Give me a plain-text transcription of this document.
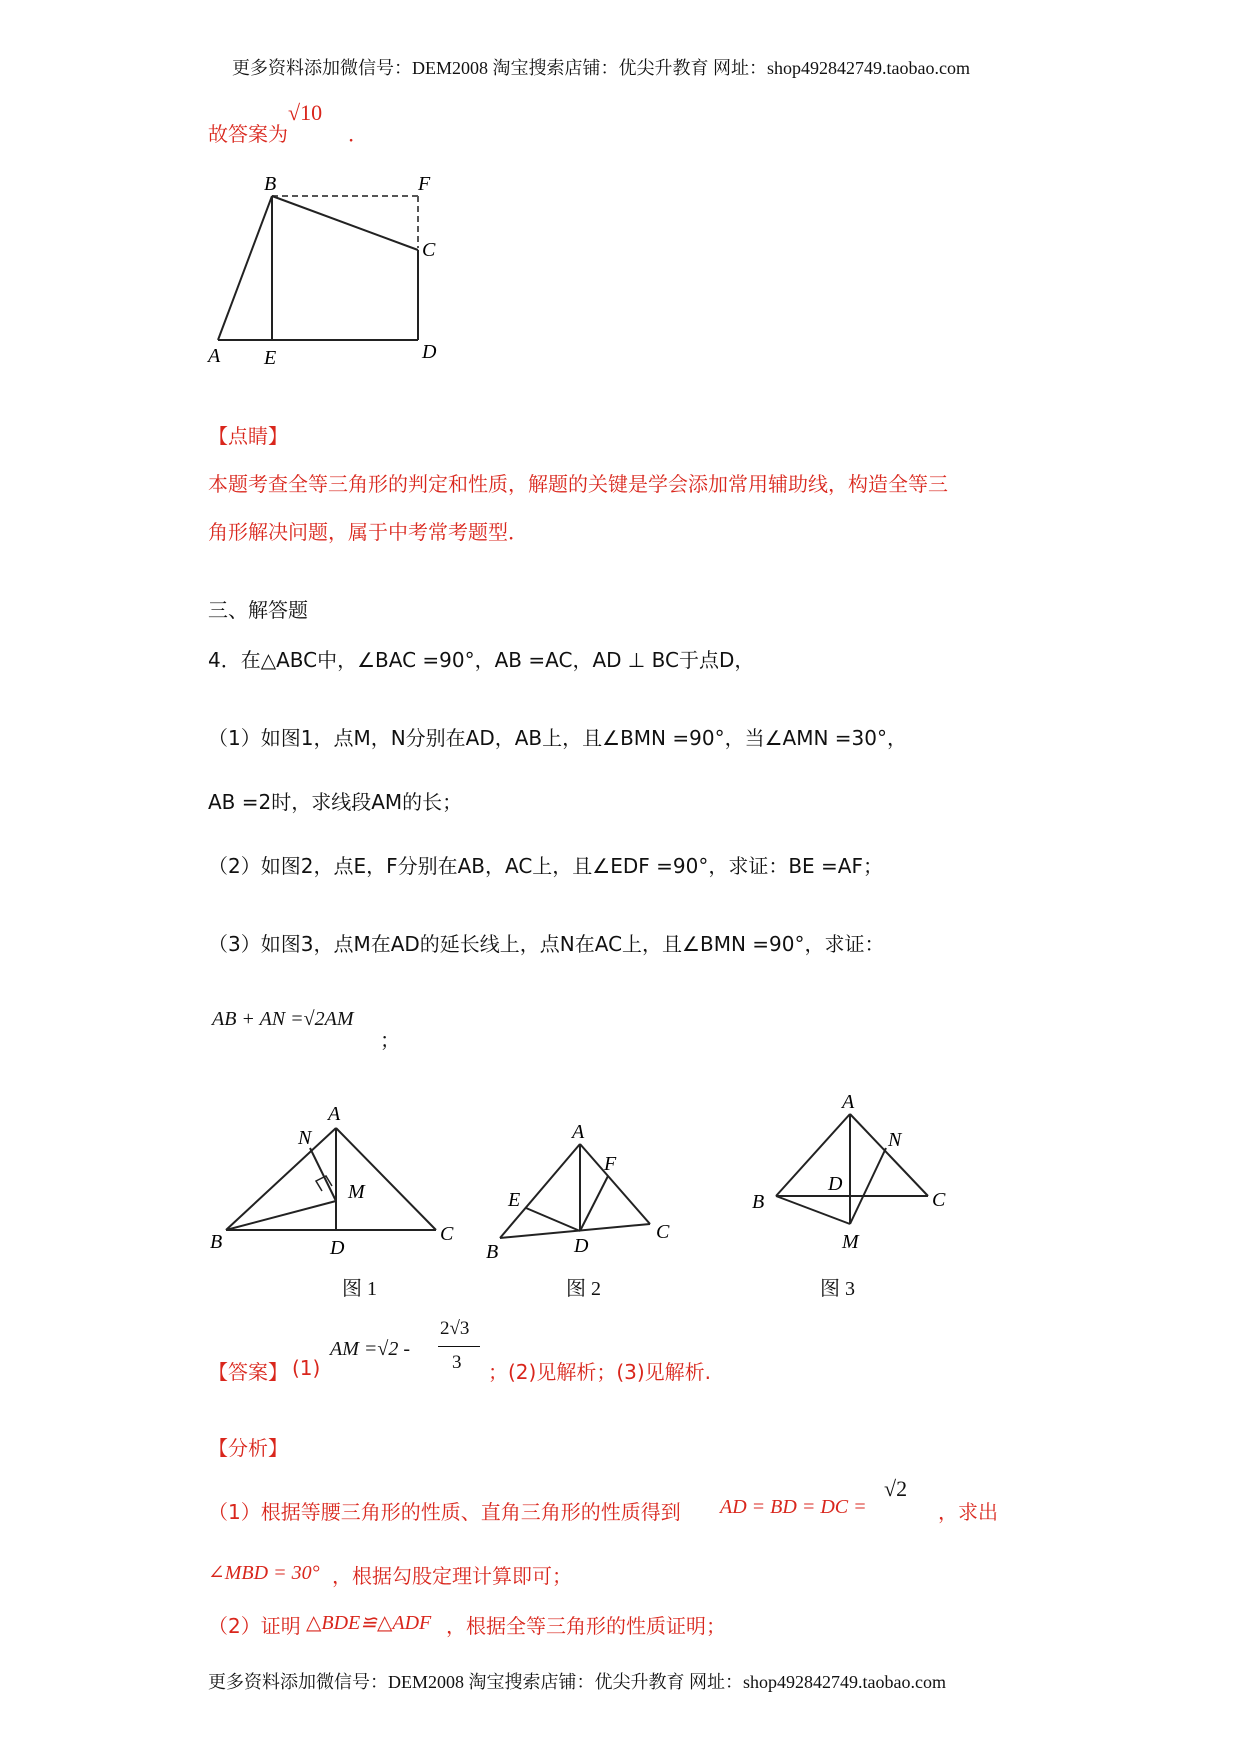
更多资料添加微信号：DEM2008 淘宝搜索店铺：优尖升教育 网址：shop492842749.taobao.com
故答案为
√10
．
B	F
C
A E	D
【点睛】
本题考查全等三角形的判定和性质，解题的关键是学会添加常用辅助线，构造全等三
角形解决问题，属于中考常考题型．
三、解答题
4．在△ABC中，∠BAC =90°，AB =AC，AD ⊥ BC于点D，
（1）如图1，点M，N分别在AD，AB上，且∠BMN =90°，当∠AMN =30°，
AB =2时，求线段AM的长；
（2）如图2，点E，F分别在AB，AC上，且∠EDF =90°，求证：BE =AF；
（3）如图3，点M在AD的延长线上，点N在AC上，且∠BMN =90°，求证：
AB + AN =√2AM
；
A
N
M
B	D
C
图 1
A
F
E
B	D
C
图 2
A
N
D
B	C
M
图 3
【答案】 (1)
AM =√2 -
2√3
3 ；(2)见解析；(3)见解析.
【分析】
（1）根据等腰三角形的性质、直角三角形的性质得到 AD = BD = DC =
√2
，求出
∠MBD = 30° ，根据勾股定理计算即可；
（2）证明 △BDE≌△ADF ，根据全等三角形的性质证明；
更多资料添加微信号：DEM2008 淘宝搜索店铺：优尖升教育 网址：shop492842749.taobao.com
